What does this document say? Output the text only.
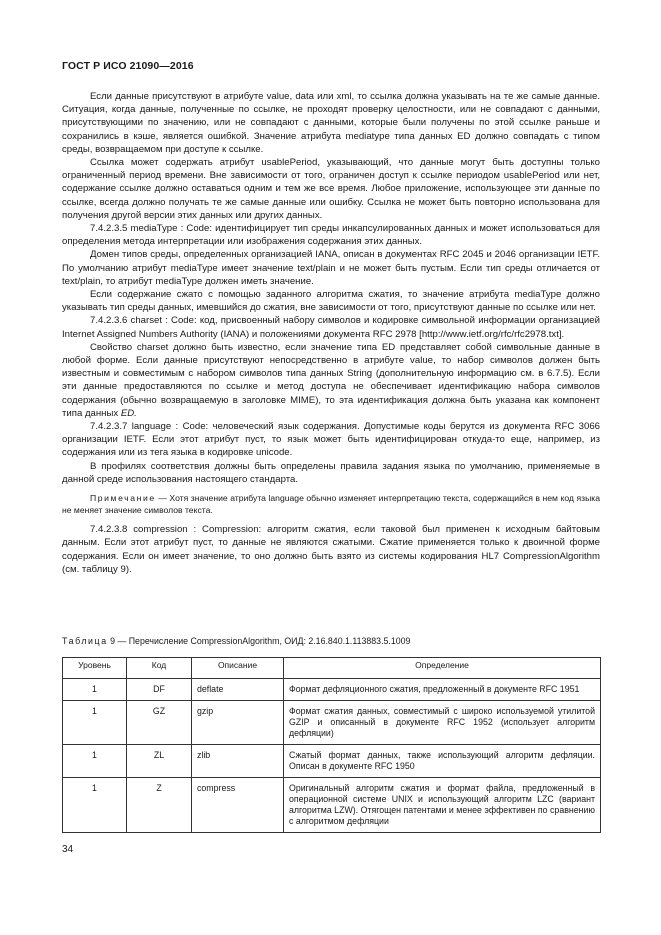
ГОСТ Р ИСО 21090—2016

Если данные присутствуют в атрибуте value, data или xml, то ссылка должна указывать на те же самые данные. Ситуация, когда данные, полученные по ссылке, не проходят проверку целостности, или не совпадают с данными, присутствующими по значению, или не совпадают с данными, которые были получены по этой ссылке раньше и сохранились в кэше, является ошибкой. Значение атрибута mediatype типа данных ED должно совпадать с типом среды, возвращаемом при доступе к ссылке.

Ссылка может содержать атрибут usablePeriod, указывающий, что данные могут быть доступны только ограниченный период времени. Вне зависимости от того, ограничен доступ к ссылке периодом usablePeriod или нет, содержание ссылке должно оставаться одним и тем же все время. Любое приложение, использующее эти данные по ссылке, всегда должно получать те же самые данные или ошибку. Ссылка не может быть повторно использована для получения другой версии этих данных или других данных.

7.4.2.3.5 mediaType : Code: идентифицирует тип среды инкапсулированных данных и может использоваться для определения метода интерпретации или изображения содержания этих данных.

Домен типов среды, определенных организацией IANA, описан в документах RFC 2045 и 2046 организации IETF. По умолчанию атрибут mediaType имеет значение text/plain и не может быть пустым. Если тип среды отличается от text/plain, то атрибут mediaType должен иметь значение.

Если содержание сжато с помощью заданного алгоритма сжатия, то значение атрибута mediaType должно указывать тип среды данных, имевшийся до сжатия, вне зависимости от того, присутствуют данные по ссылке или нет.

7.4.2.3.6 charset : Code: код, присвоенный набору символов и кодировке символьной информации организацией Internet Assigned Numbers Authority (IANA) и положениями документа RFC 2978 [http://www.ietf.org/rfc/rfc2978.txt].

Свойство charset должно быть известно, если значение типа ED представляет собой символьные данные в любой форме. Если данные присутствуют непосредственно в атрибуте value, то набор символов должен быть известным и совместимым с набором символов типа данных String (дополнительную информацию см. в 6.7.5). Если эти данные предоставляются по ссылке и метод доступа не обеспечивает идентификацию набора символов содержания (обычно возвращаемую в заголовке MIME), то эта идентификация должна быть указана как компонент типа данных ED.

7.4.2.3.7 language : Code: человеческий язык содержания. Допустимые коды берутся из документа RFC 3066 организации IETF. Если этот атрибут пуст, то язык может быть идентифицирован откуда-то еще, например, из содержания или из тега языка в кодировке unicode.

В профилях соответствия должны быть определены правила задания языка по умолчанию, применяемые в данной среде использования настоящего стандарта.

Примечание — Хотя значение атрибута language обычно изменяет интерпретацию текста, содержащийся в нем код языка не меняет значение символов текста.

7.4.2.3.8 compression : Compression: алгоритм сжатия, если таковой был применен к исходным байтовым данным. Если этот атрибут пуст, то данные не являются сжатыми. Сжатие применяется только к двоичной форме содержания. Если он имеет значение, то оно должно быть взято из системы кодирования HL7 CompressionAlgorithm (см. таблицу 9).

Таблица 9 — Перечисление CompressionAlgorithm, ОИД: 2.16.840.1.113883.5.1009
Уровень	Код	Описание	Определение
1	DF	deflate	Формат дефляционного сжатия, предложенный в документе RFC 1951
1	GZ	gzip	Формат сжатия данных, совместимый с широко используемой утилитой GZIP и описанный в документе RFC 1952 (использует алгоритм дефляции)
1	ZL	zlib	Сжатый формат данных, также использующий алгоритм дефляции. Описан в документе RFC 1950
1	Z	compress	Оригинальный алгоритм сжатия и формат файла, предложенный в операционной системе UNIX и использующий алгоритм LZC (вариант алгоритма LZW). Отягощен патентами и менее эффективен по сравнению с алгоритмом дефляции
34
